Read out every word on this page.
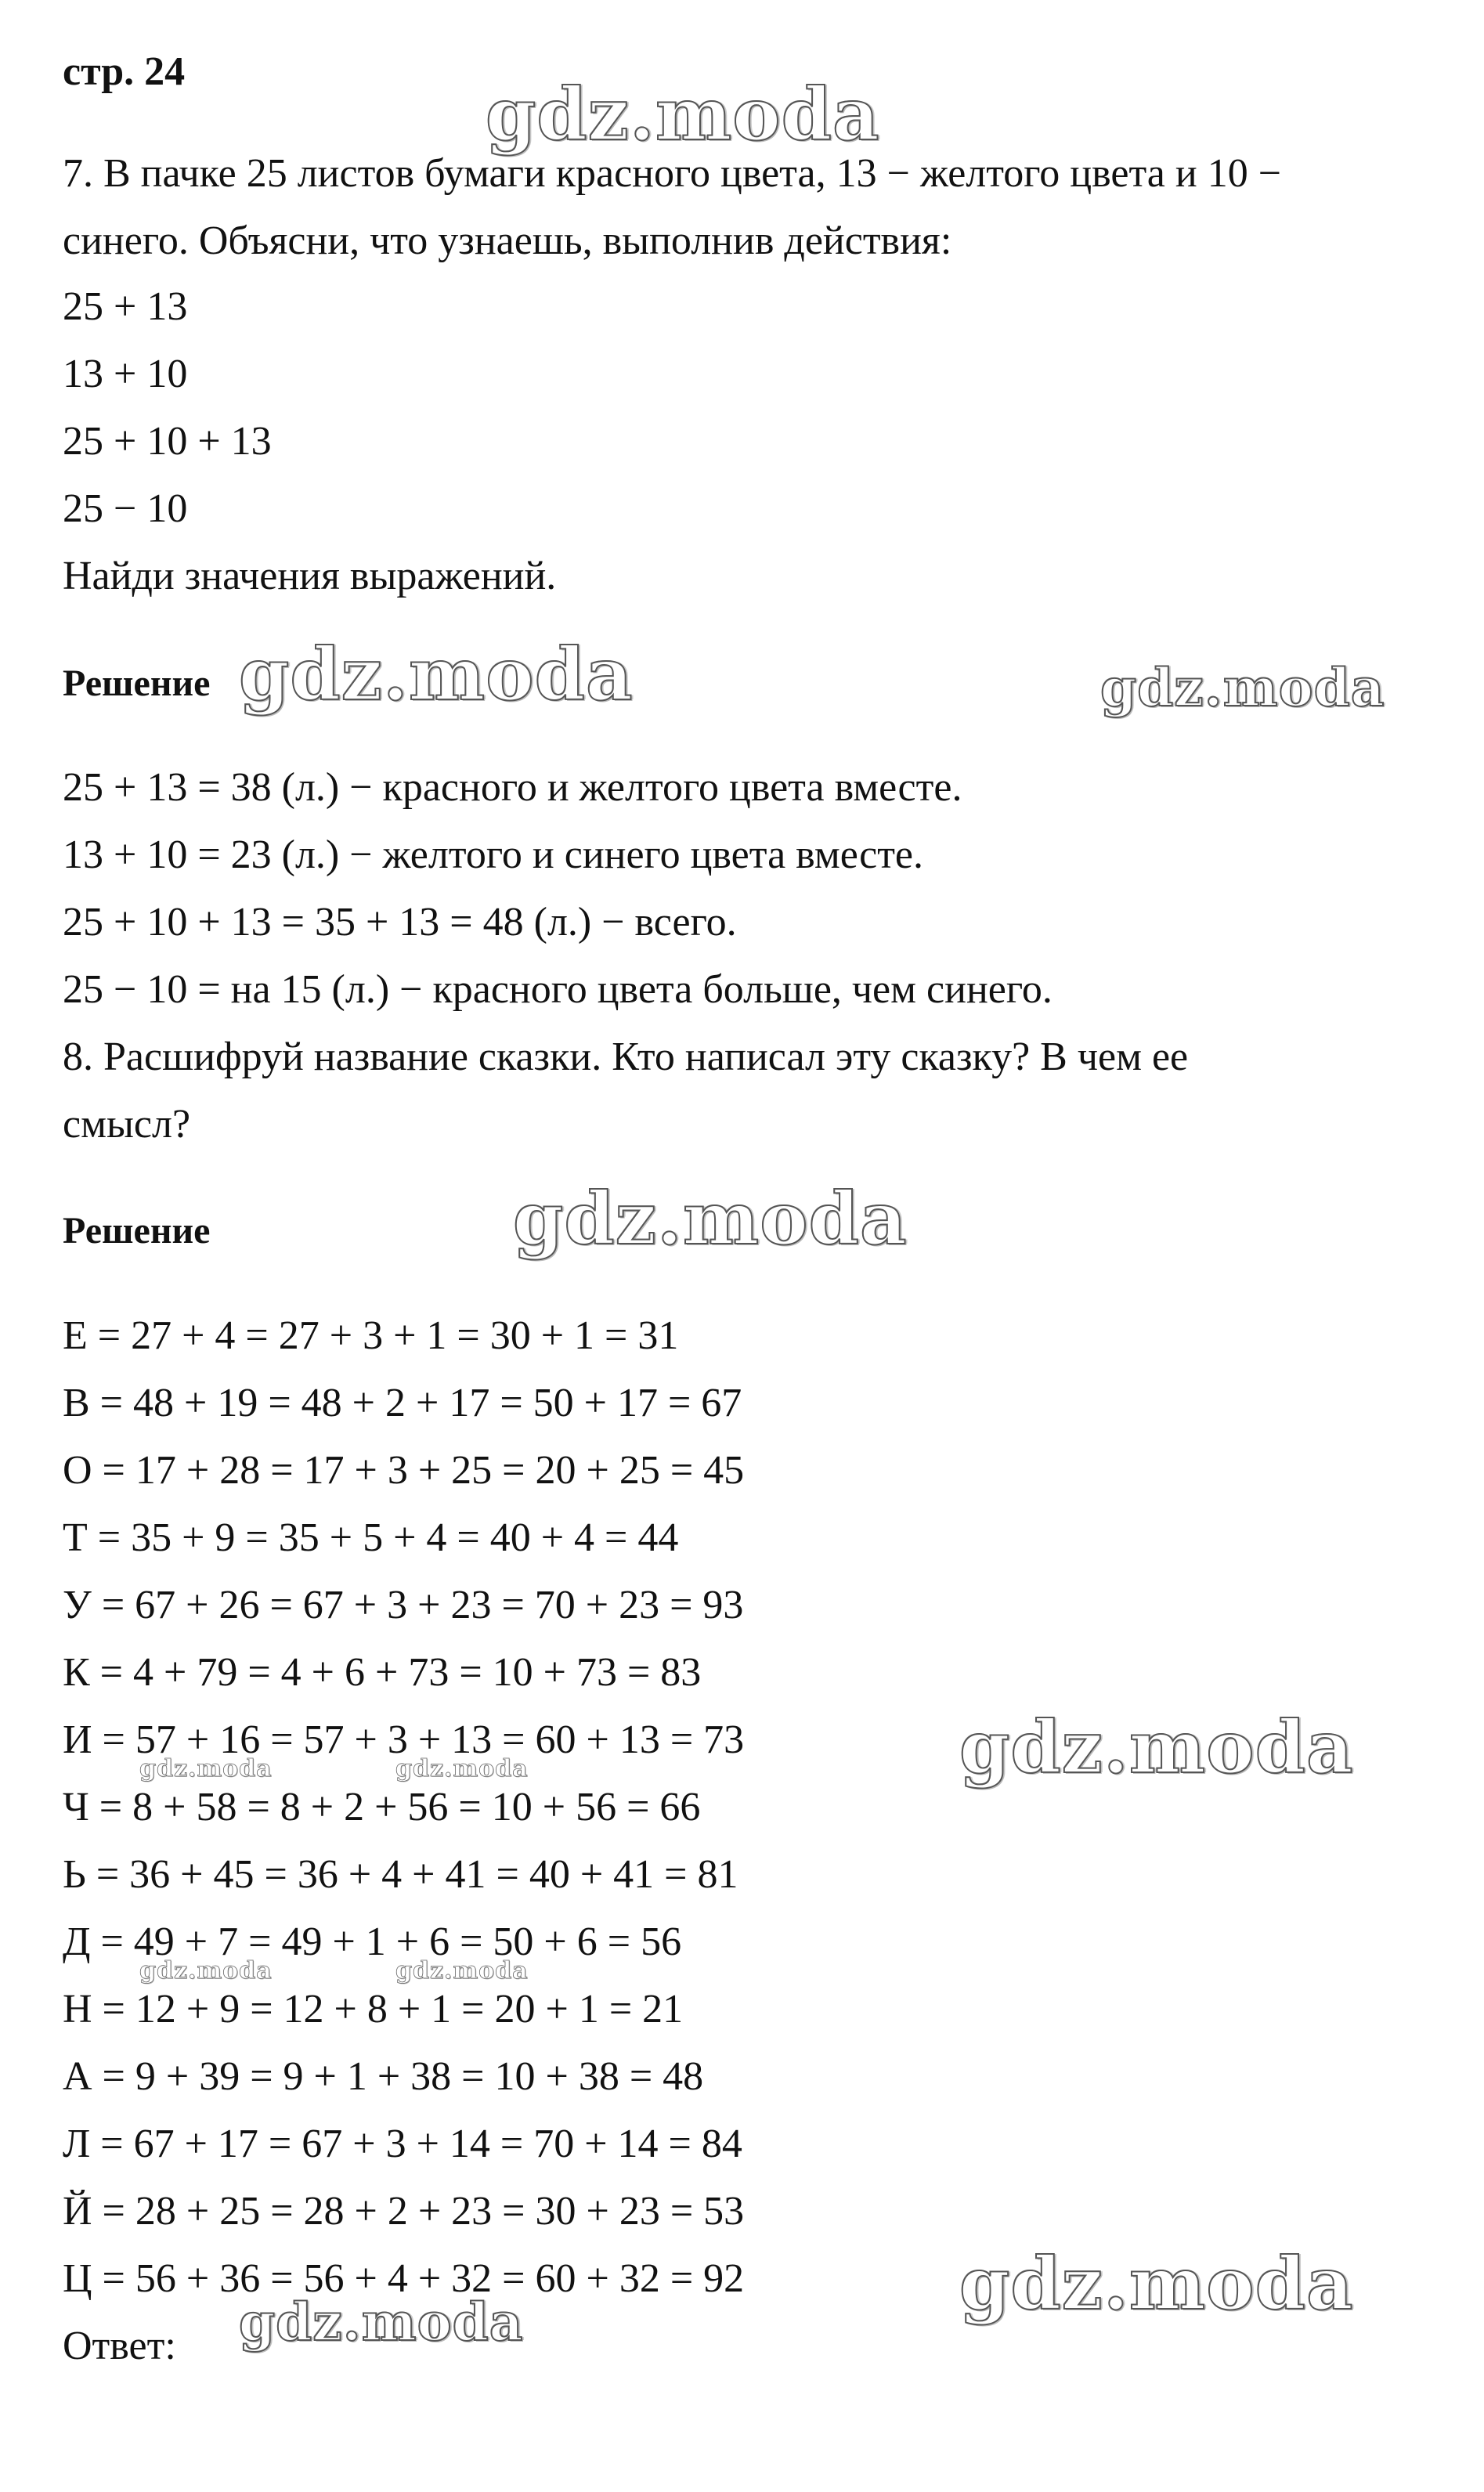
стр. 24
7. В пачке 25 листов бумаги красного цвета, 13 − желтого цвета и 10 −
синего. Объясни, что узнаешь, выполнив действия:
25 + 13
13 + 10
25 + 10 + 13
25 − 10
Найди значения выражений.
Решение
25 + 13 = 38 (л.) − красного и желтого цвета вместе.
13 + 10 = 23 (л.) − желтого и синего цвета вместе.
25 + 10 + 13 = 35 + 13 = 48 (л.) − всего.
25 − 10 = на 15 (л.) − красного цвета больше, чем синего.
8. Расшифруй название сказки. Кто написал эту сказку? В чем ее
смысл?
Решение
Е = 27 + 4 = 27 + 3 + 1 = 30 + 1 = 31
В = 48 + 19 = 48 + 2 + 17 = 50 + 17 = 67
О = 17 + 28 = 17 + 3 + 25 = 20 + 25 = 45
Т = 35 + 9 = 35 + 5 + 4 = 40 + 4 = 44
У = 67 + 26 = 67 + 3 + 23 = 70 + 23 = 93
К = 4 + 79 = 4 + 6 + 73 = 10 + 73 = 83
И = 57 + 16 = 57 + 3 + 13 = 60 + 13 = 73
Ч = 8 + 58 = 8 + 2 + 56 = 10 + 56 = 66
Ь = 36 + 45 = 36 + 4 + 41 = 40 + 41 = 81
Д = 49 + 7 = 49 + 1 + 6 = 50 + 6 = 56
Н = 12 + 9 = 12 + 8 + 1 = 20 + 1 = 21
А = 9 + 39 = 9 + 1 + 38 = 10 + 38 = 48
Л = 67 + 17 = 67 + 3 + 14 = 70 + 14 = 84
Й = 28 + 25 = 28 + 2 + 23 = 30 + 23 = 53
Ц = 56 + 36 = 56 + 4 + 32 = 60 + 32 = 92
Ответ:
gdz.moda
gdz.moda	gdz.moda
gdz.moda
gdz.moda
gdz.moda	gdz.moda
gdz.moda	gdz.moda
gdz.moda
gdz.moda
